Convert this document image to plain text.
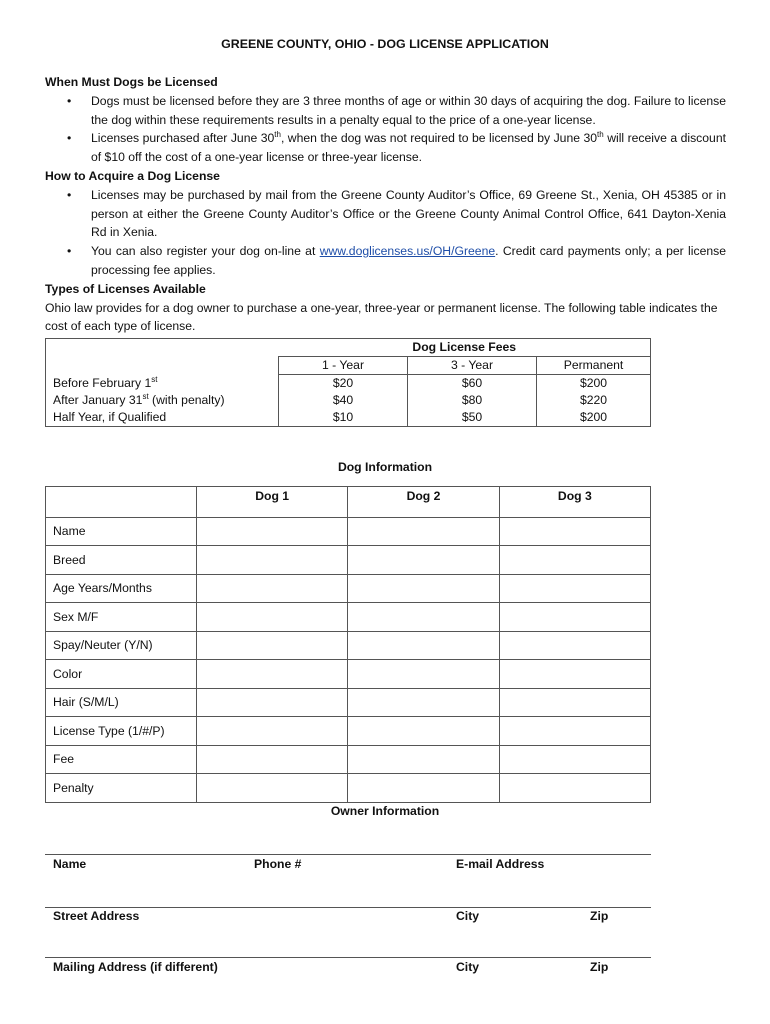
GREENE COUNTY, OHIO - DOG LICENSE APPLICATION
When Must Dogs be Licensed
• Dogs must be licensed before they are 3 three months of age or within 30 days of acquiring the dog. Failure to license the dog within these requirements results in a penalty equal to the price of a one-year license.
• Licenses purchased after June 30th, when the dog was not required to be licensed by June 30th will receive a discount of $10 off the cost of a one-year license or three-year license.
How to Acquire a Dog License
• Licenses may be purchased by mail from the Greene County Auditor’s Office, 69 Greene St., Xenia, OH 45385 or in person at either the Greene County Auditor’s Office or the Greene County Animal Control Office, 641 Dayton-Xenia Rd in Xenia.
• You can also register your dog on-line at www.doglicenses.us/OH/Greene. Credit card payments only; a per license processing fee applies.
Types of Licenses Available

Ohio law provides for a dog owner to purchase a one-year, three-year or permanent license. The following table indicates the cost of each type of license.

	Dog License Fees		
	1 - Year	3 - Year	Permanent
Before February 1st	$20	$60	$200
After January 31st (with penalty)	$40	$80	$220
Half Year, if Qualified	$10	$50	$200
Dog Information
	Dog 1	Dog 2	Dog 3
Name			
Breed			
Age Years/Months			
Sex M/F			
Spay/Neuter (Y/N)			
Color			
Hair (S/M/L)			
License Type (1/#/P)			
Fee			
Penalty			
Owner Information
Name	Phone #	E-mail Address
Street Address	City	Zip
Mailing Address (if different)	City	Zip
